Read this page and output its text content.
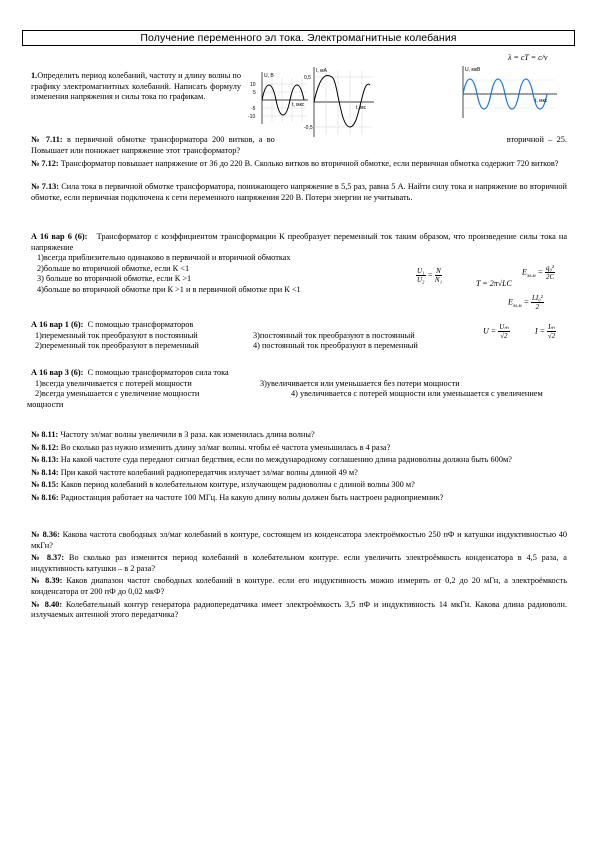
Получение переменного эл тока. Электромагнитные колебания

1.Определить период колебаний, частоту и длину волны по графику электромагнитных колебаний. Написать формулу изменения напряжения и силы тока по графикам.

λ = cT = c/ν
U, В
10
5
-5
-10
t, мкс
I, мА
0,5
-0,5
t, мс
U, мкВ
t, мкс

№ 7.11: в первичной обмотке трансформатора 200 витков, а во	вторичной – 25. Повышает или понижает напряжение этот трансформатор?

№ 7.12: Трансформатор повышает напряжение от 36 до 220 В. Сколько витков во вторичной обмотке, если первичная обмотка содержит 720 витков?

№ 7.13: Сила тока в первичной обмотке трансформатора, понижающего напряжение в 5,5 раз, равна 5 А. Найти силу тока и напряжение во вторичной обмотке, если первичная подключена к сети переменного напряжения 220 В. Потери энергии не учитывать.

А 16 вар 6 (6): Трансформатор с коэффициентом трансформации К преобразует переменный ток таким образом, что произведение силы тока на напряжение

1)всегда приблизительно одинаково в первичной и вторичной обмотках

2)больше во вторичной обмотке, если К <1

3) больше во вторичной обмотке, если К >1

4)больше во вторичной обмотке при К >1 и в первичной обмотке при К <1

$\frac{\text{U₁}}{\text{U₂}} = \frac{N}{\text{N₁}}$	T = 2π√LC
$E_{эл.м} = \frac{\text{q₀²}}{2C}$
$E_{эл.м} = \frac{\text{LI₀²}}{2}$
$U = \frac{\text{Uₘ}}{√2}$	$I = \frac{\text{Iₘ}}{√2}$

А 16 вар 1 (6): С помощью трансформаторов

1)переменный ток преобразуют в постоянный	3)постоянный ток преобразуют в постоянный

2)переменный ток преобразуют в переменный	4) постоянный ток преобразуют в переменный

А 16 вар 3 (6): С помощью трансформаторов сила тока

1)всегда увеличивается с потерей мощности	3)увеличивается или уменьшается без потери мощности

2)всегда уменьшается с увеличение мощности	4) увеличивается с потерей мощности или уменьшается с увеличением мощности

№ 8.11: Частоту эл/маг волны увеличили в 3 раза. как изменилась длина волны?

№ 8.12: Во сколько раз нужно изменить длину эл/маг волны. чтобы её частота уменьшилась в 4 раза?

№ 8.13: На какой частоте суда передают сигнал бедствия, если по международному соглашению длина радиоволны должна быть 600м?

№ 8.14: При какой частоте колебаний радиопередатчик излучает эл/маг волны длиной 49 м?

№ 8.15: Каков период колебаний в колебательном контуре, излучающем радиоволны с длиной волны 300 м?

№ 8.16: Радиостанция работает на частоте 100 МГц. На какую длину волны должен быть настроен радиоприемник?

№ 8.36: Какова частота свободных эл/маг колебаний в контуре, состоящем из конденсатора электроёмкостью 250 пФ и катушки индуктивностью 40 мкГн?

№ 8.37: Во сколько раз изменится период колебаний в колебательном контуре. если увеличить электроёмкость конденсатора в 4,5 раза, а индуктивность катушки – в 2 раза?

№ 8.39: Каков диапазон частот свободных колебаний в контуре. если его индуктивность можно измерять от 0,2 до 20 мГн, а электроёмкость конденсатора от 200 пФ до 0,02 мкФ?

№ 8.40: Колебательный контур генератора радиопередатчика имеет электроёмкость 3,5 пФ и индуктивность 14 мкГн. Какова длина радиоволн. излучаемых антенной этого передатчика?
